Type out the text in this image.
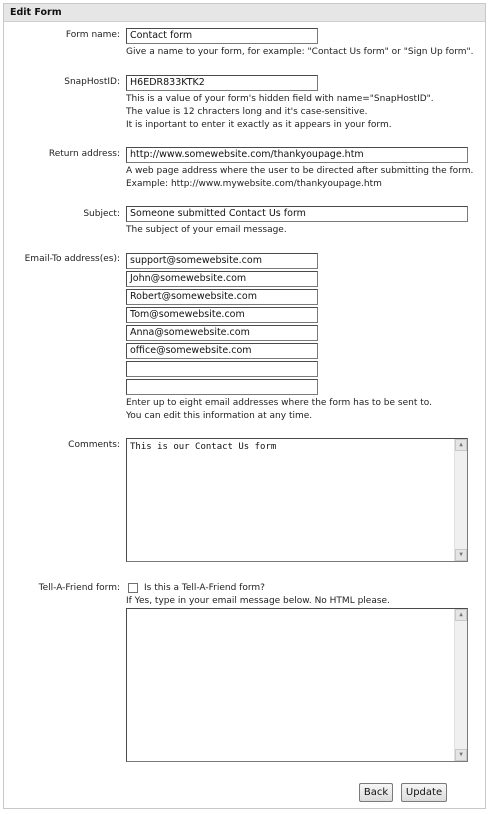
Edit Form
Form name:	Contact form
Give a name to your form, for example: "Contact Us form" or "Sign Up form".
SnapHostID:	H6EDR833KTK2
This is a value of your form's hidden field with name="SnapHostID".
The value is 12 chracters long and it's case-sensitive.
It is inportant to enter it exactly as it appears in your form.
Return address:	http://www.somewebsite.com/thankyoupage.htm
A web page address where the user to be directed after submitting the form.
Example: http://www.mywebsite.com/thankyoupage.htm
Subject:	Someone submitted Contact Us form
The subject of your email message.
Email-To address(es):	support@somewebsite.com
John@somewebsite.com
Robert@somewebsite.com
Tom@somewebsite.com
Anna@somewebsite.com
office@somewebsite.com
Enter up to eight email addresses where the form has to be sent to.
You can edit this information at any time.
Comments: This is our Contact Us form	▲
▼
Tell-A-Friend form:	Is this a Tell-A-Friend form?
If Yes, type in your email message below. No HTML please.
▲
▼
Back	Update
